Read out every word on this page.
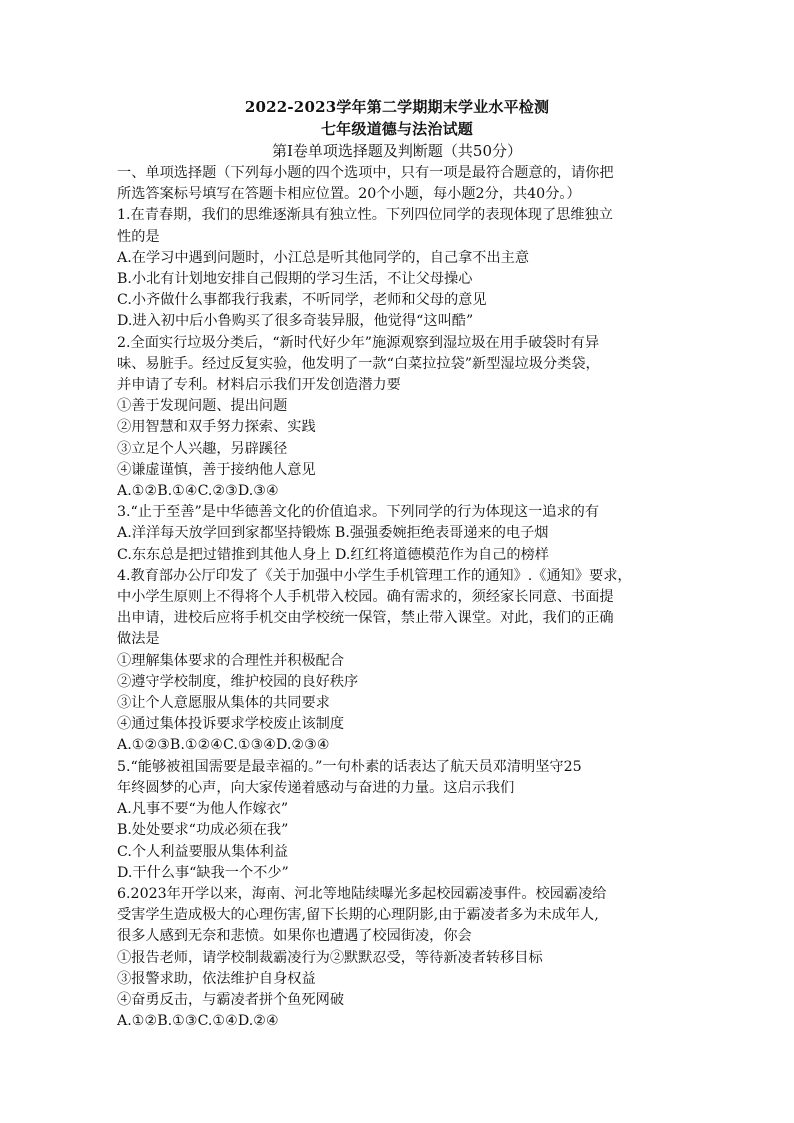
2022-2023学年第二学期期末学业水平检测
七年级道德与法治试题
第Ⅰ卷单项选择题及判断题（共50分）
一、单项选择题（下列每小题的四个选项中，只有一项是最符合题意的，请你把
所选答案标号填写在答题卡相应位置。20个小题，每小题2分，共40分。）
1.在青春期，我们的思维逐渐具有独立性。下列四位同学的表现体现了思维独立
性的是
A.在学习中遇到问题时，小江总是听其他同学的，自己拿不出主意
B.小北有计划地安排自己假期的学习生活，不让父母操心
C.小齐做什么事都我行我素，不听同学，老师和父母的意见
D.进入初中后小鲁购买了很多奇装异服，他觉得“这叫酷”
2.全面实行垃圾分类后，“新时代好少年”施源观察到湿垃圾在用手破袋时有异
味、易脏手。经过反复实验，他发明了一款“白菜拉拉袋”新型湿垃圾分类袋，
并申请了专利。材料启示我们开发创造潜力要
①善于发现问题、提出问题
②用智慧和双手努力探索、实践
③立足个人兴趣，另辟蹊径
④谦虚谨慎，善于接纳他人意见
A.①②B.①④C.②③D.③④
3.“止于至善”是中华德善文化的价值追求。下列同学的行为体现这一追求的有
A.洋洋每天放学回到家都坚持锻炼 B.强强委婉拒绝表哥递来的电子烟
C.东东总是把过错推到其他人身上 D.红红将道德模范作为自己的榜样
4.教育部办公厅印发了《关于加强中小学生手机管理工作的通知》.《通知》要求，
中小学生原则上不得将个人手机带入校园。确有需求的，须经家长同意、书面提
出申请，进校后应将手机交由学校统一保管，禁止带入课堂。对此，我们的正确
做法是
①理解集体要求的合理性并积极配合
②遵守学校制度，维护校园的良好秩序
③让个人意愿服从集体的共同要求
④通过集体投诉要求学校废止该制度
A.①②③B.①②④C.①③④D.②③④
5.“能够被祖国需要是最幸福的。”一句朴素的话表达了航天员邓清明坚守25
年终圆梦的心声，向大家传递着感动与奋进的力量。这启示我们
A.凡事不要“为他人作嫁衣”
B.处处要求“功成必须在我”
C.个人利益要服从集体利益
D.干什么事“缺我一个不少”
6.2023年开学以来，海南、河北等地陆续曝光多起校园霸凌事件。校园霸凌给
受害学生造成极大的心理伤害,留下长期的心理阴影,由于霸凌者多为未成年人,
很多人感到无奈和悲愤。如果你也遭遇了校园街凌，你会
①报告老师，请学校制裁霸凌行为②默默忍受，等待新凌者转移目标
③报警求助，依法维护自身权益
④奋勇反击，与霸凌者拼个鱼死网破
A.①②B.①③C.①④D.②④
